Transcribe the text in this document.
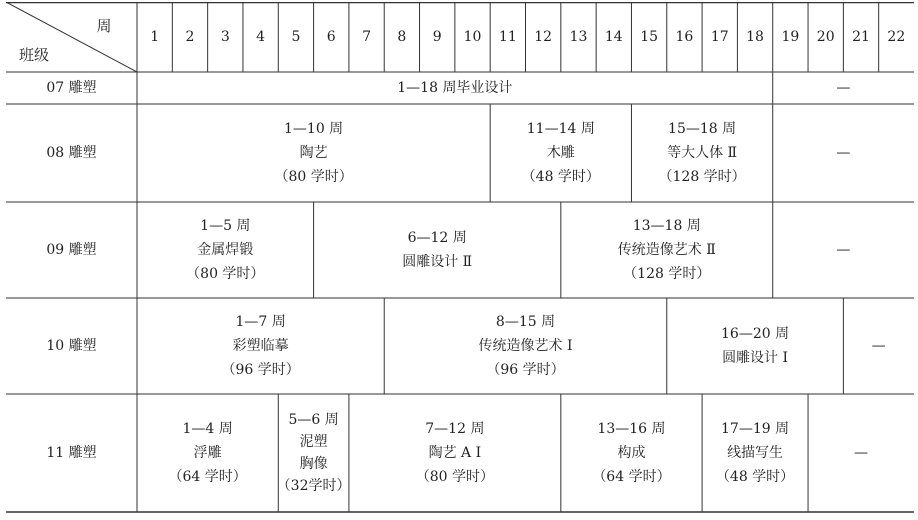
周
班级
1 2 3 4 5 6 7 8 9 10 11 12 13 14 15 16 17 18 19 20 21 22
07 雕塑	1—18 周毕业设计	—
08 雕塑
1—10 周
陶艺
（80 学时）
11—14 周
木雕
（48 学时）
15—18 周
等大人体 Ⅱ
（128 学时）
—
09 雕塑
1—5 周
金属焊锻
（80 学时）
6—12 周
圆雕设计 Ⅱ
13—18 周
传统造像艺术 Ⅱ
（128 学时）
—
10 雕塑
1—7 周
彩塑临摹
（96 学时）
8—15 周
传统造像艺术 Ⅰ
（96 学时）
16—20 周
圆雕设计 Ⅰ
—
11 雕塑
1—4 周
浮雕
（64 学时）
5—6 周
泥塑
胸像
（32学时）
7—12 周
陶艺 A Ⅰ
（80 学时）
13—16 周
构成
（64 学时）
17—19 周
线描写生
（48 学时）
—
